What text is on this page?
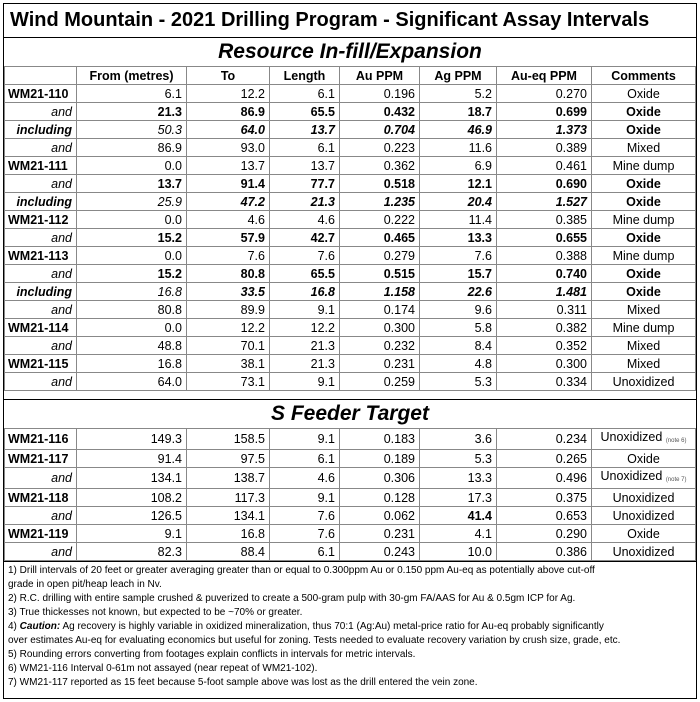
Wind Mountain - 2021 Drilling Program - Significant Assay Intervals
Resource In-fill/Expansion
	From (metres)	To	Length	Au PPM	Ag PPM	Au-eq PPM	Comments
WM21-110	6.1	12.2	6.1	0.196	5.2	0.270	Oxide
and	21.3	86.9	65.5	0.432	18.7	0.699	Oxide
including	50.3	64.0	13.7	0.704	46.9	1.373	Oxide
and	86.9	93.0	6.1	0.223	11.6	0.389	Mixed
WM21-111	0.0	13.7	13.7	0.362	6.9	0.461	Mine dump
and	13.7	91.4	77.7	0.518	12.1	0.690	Oxide
including	25.9	47.2	21.3	1.235	20.4	1.527	Oxide
WM21-112	0.0	4.6	4.6	0.222	11.4	0.385	Mine dump
and	15.2	57.9	42.7	0.465	13.3	0.655	Oxide
WM21-113	0.0	7.6	7.6	0.279	7.6	0.388	Mine dump
and	15.2	80.8	65.5	0.515	15.7	0.740	Oxide
including	16.8	33.5	16.8	1.158	22.6	1.481	Oxide
and	80.8	89.9	9.1	0.174	9.6	0.311	Mixed
WM21-114	0.0	12.2	12.2	0.300	5.8	0.382	Mine dump
and	48.8	70.1	21.3	0.232	8.4	0.352	Mixed
WM21-115	16.8	38.1	21.3	0.231	4.8	0.300	Mixed
and	64.0	73.1	9.1	0.259	5.3	0.334	Unoxidized
S Feeder Target
WM21-116	149.3	158.5	9.1	0.183	3.6	0.234	Unoxidized (note 6)
WM21-117	91.4	97.5	6.1	0.189	5.3	0.265	Oxide
and	134.1	138.7	4.6	0.306	13.3	0.496	Unoxidized (note 7)
WM21-118	108.2	117.3	9.1	0.128	17.3	0.375	Unoxidized
and	126.5	134.1	7.6	0.062	41.4	0.653	Unoxidized
WM21-119	9.1	16.8	7.6	0.231	4.1	0.290	Oxide
and	82.3	88.4	6.1	0.243	10.0	0.386	Unoxidized
1) Drill intervals of 20 feet or greater averaging greater than or equal to 0.300ppm Au or 0.150 ppm Au-eq as potentially above cut-off
grade in open pit/heap leach in Nv.
2) R.C. drilling with entire sample crushed & puverized to create a 500-gram pulp with 30-gm FA/AAS for Au & 0.5gm ICP for Ag.
3) True thickesses not known, but expected to be ~70% or greater.
4) Caution: Ag recovery is highly variable in oxidized mineralization, thus 70:1 (Ag:Au) metal-price ratio for Au-eq probably significantly
over estimates Au-eq for evaluating economics but useful for zoning. Tests needed to evaluate recovery variation by crush size, grade, etc.
5) Rounding errors converting from footages explain conflicts in intervals for metric intervals.
6) WM21-116 Interval 0-61m not assayed (near repeat of WM21-102).
7) WM21-117 reported as 15 feet because 5-foot sample above was lost as the drill entered the vein zone.
